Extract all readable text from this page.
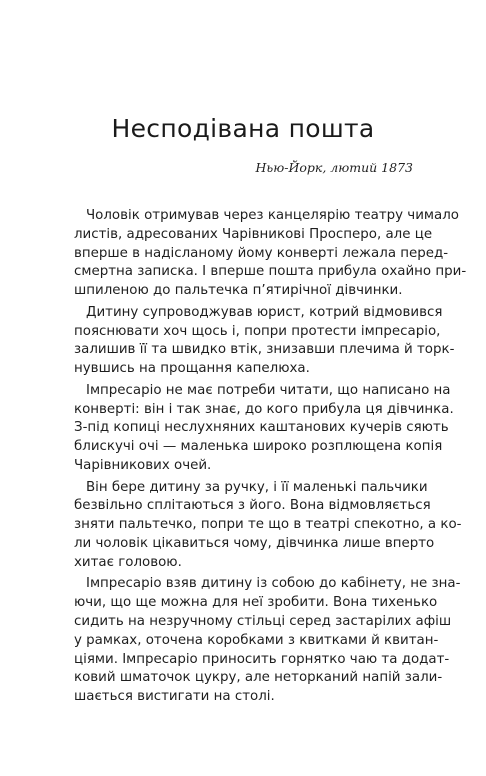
Несподівана пошта

Нью-Йорк, лютий 1873

Чоловік отримував через канцелярію театру чимало
листів, адресованих Чарівникові Просперо, але це
вперше в надісланому йому конверті лежала перед-
смертна записка. І вперше пошта прибула охайно при-
шпиленою до пальтечка п’ятирічної дівчинки.
Дитину супроводжував юрист, котрий відмовився
пояснювати хоч щось і, попри протести імпресаріо,
залишив її та швидко втік, знизавши плечима й торк-
нувшись на прощання капелюха.
Імпресаріо не має потреби читати, що написано на
конверті: він і так знає, до кого прибула ця дівчинка.
З-під копиці неслухняних каштанових кучерів сяють
блискучі очі — маленька широко розплющена копія
Чарівникових очей.
Він бере дитину за ручку, і її маленькі пальчики
безвільно сплітаються з його. Вона відмовляється
зняти пальтечко, попри те що в театрі спекотно, а ко-
ли чоловік цікавиться чому, дівчинка лише вперто
хитає головою.
Імпресаріо взяв дитину із собою до кабінету, не зна-
ючи, що ще можна для неї зробити. Вона тихенько
сидить на незручному стільці серед застарілих афіш
у рамках, оточена коробками з квитками й квитан-
ціями. Імпресаріо приносить горнятко чаю та додат-
ковий шматочок цукру, але неторканий напій зали-
шається вистигати на столі.
